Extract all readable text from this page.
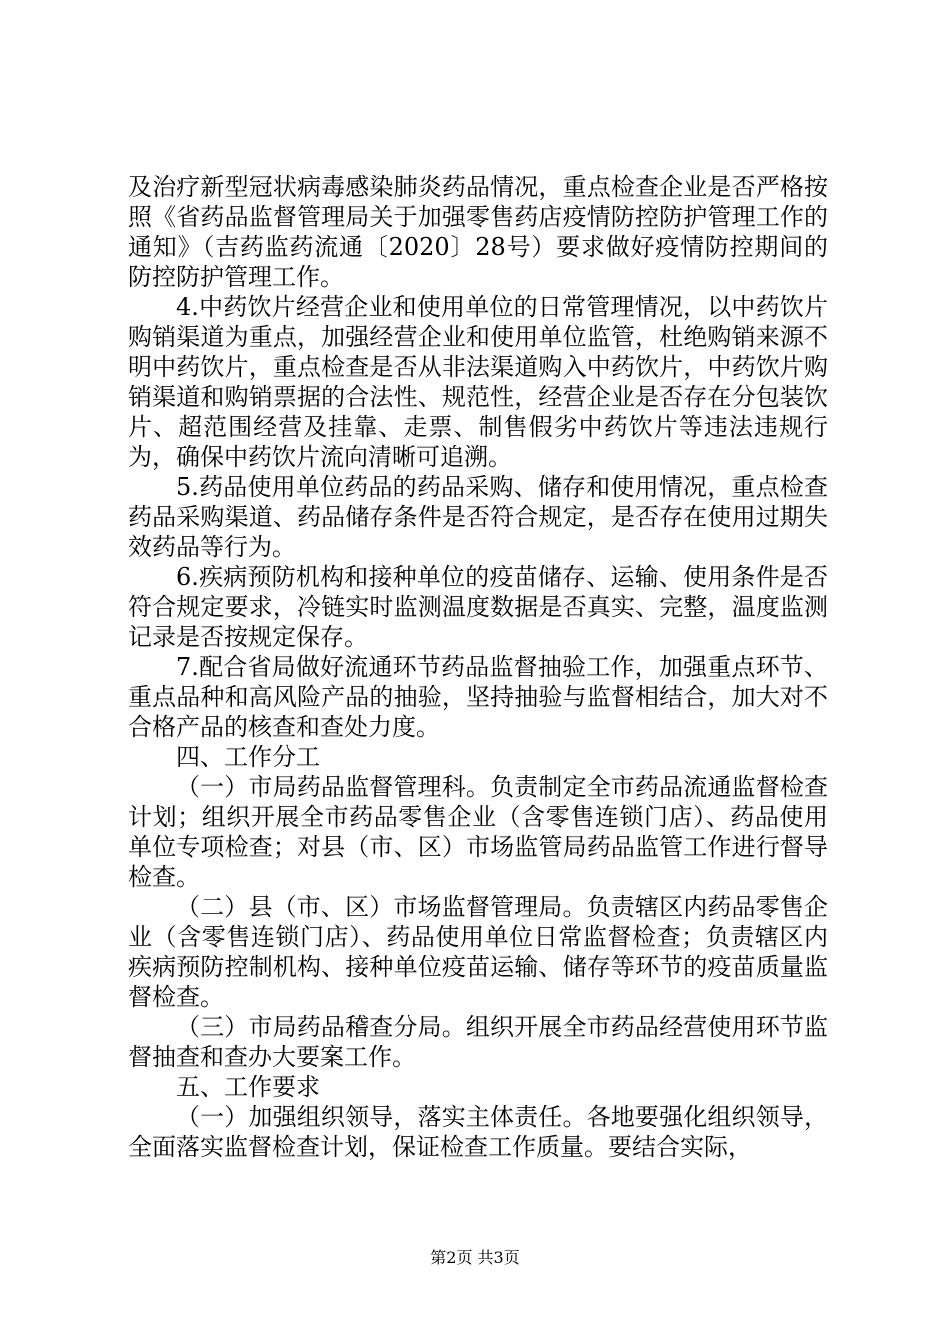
及治疗新型冠状病毒感染肺炎药品情况，重点检查企业是否严格按照《省药品监督管理局关于加强零售药店疫情防控防护管理工作的通知》（吉药监药流通〔2020〕28号）要求做好疫情防控期间的防控防护管理工作。

4.中药饮片经营企业和使用单位的日常管理情况，以中药饮片购销渠道为重点，加强经营企业和使用单位监管，杜绝购销来源不明中药饮片，重点检查是否从非法渠道购入中药饮片，中药饮片购销渠道和购销票据的合法性、规范性，经营企业是否存在分包装饮片、超范围经营及挂靠、走票、制售假劣中药饮片等违法违规行为，确保中药饮片流向清晰可追溯。

5.药品使用单位药品的药品采购、储存和使用情况，重点检查药品采购渠道、药品储存条件是否符合规定，是否存在使用过期失效药品等行为。

6.疾病预防机构和接种单位的疫苗储存、运输、使用条件是否符合规定要求，冷链实时监测温度数据是否真实、完整，温度监测记录是否按规定保存。

7.配合省局做好流通环节药品监督抽验工作，加强重点环节、重点品种和高风险产品的抽验，坚持抽验与监督相结合，加大对不合格产品的核查和查处力度。

四、工作分工

（一）市局药品监督管理科。负责制定全市药品流通监督检查计划；组织开展全市药品零售企业（含零售连锁门店）、药品使用单位专项检查；对县（市、区）市场监管局药品监管工作进行督导检查。

（二）县（市、区）市场监督管理局。负责辖区内药品零售企业（含零售连锁门店）、药品使用单位日常监督检查；负责辖区内疾病预防控制机构、接种单位疫苗运输、储存等环节的疫苗质量监督检查。

（三）市局药品稽查分局。组织开展全市药品经营使用环节监督抽查和查办大要案工作。

五、工作要求

（一）加强组织领导，落实主体责任。各地要强化组织领导，全面落实监督检查计划，保证检查工作质量。要结合实际，

第2页 共3页
